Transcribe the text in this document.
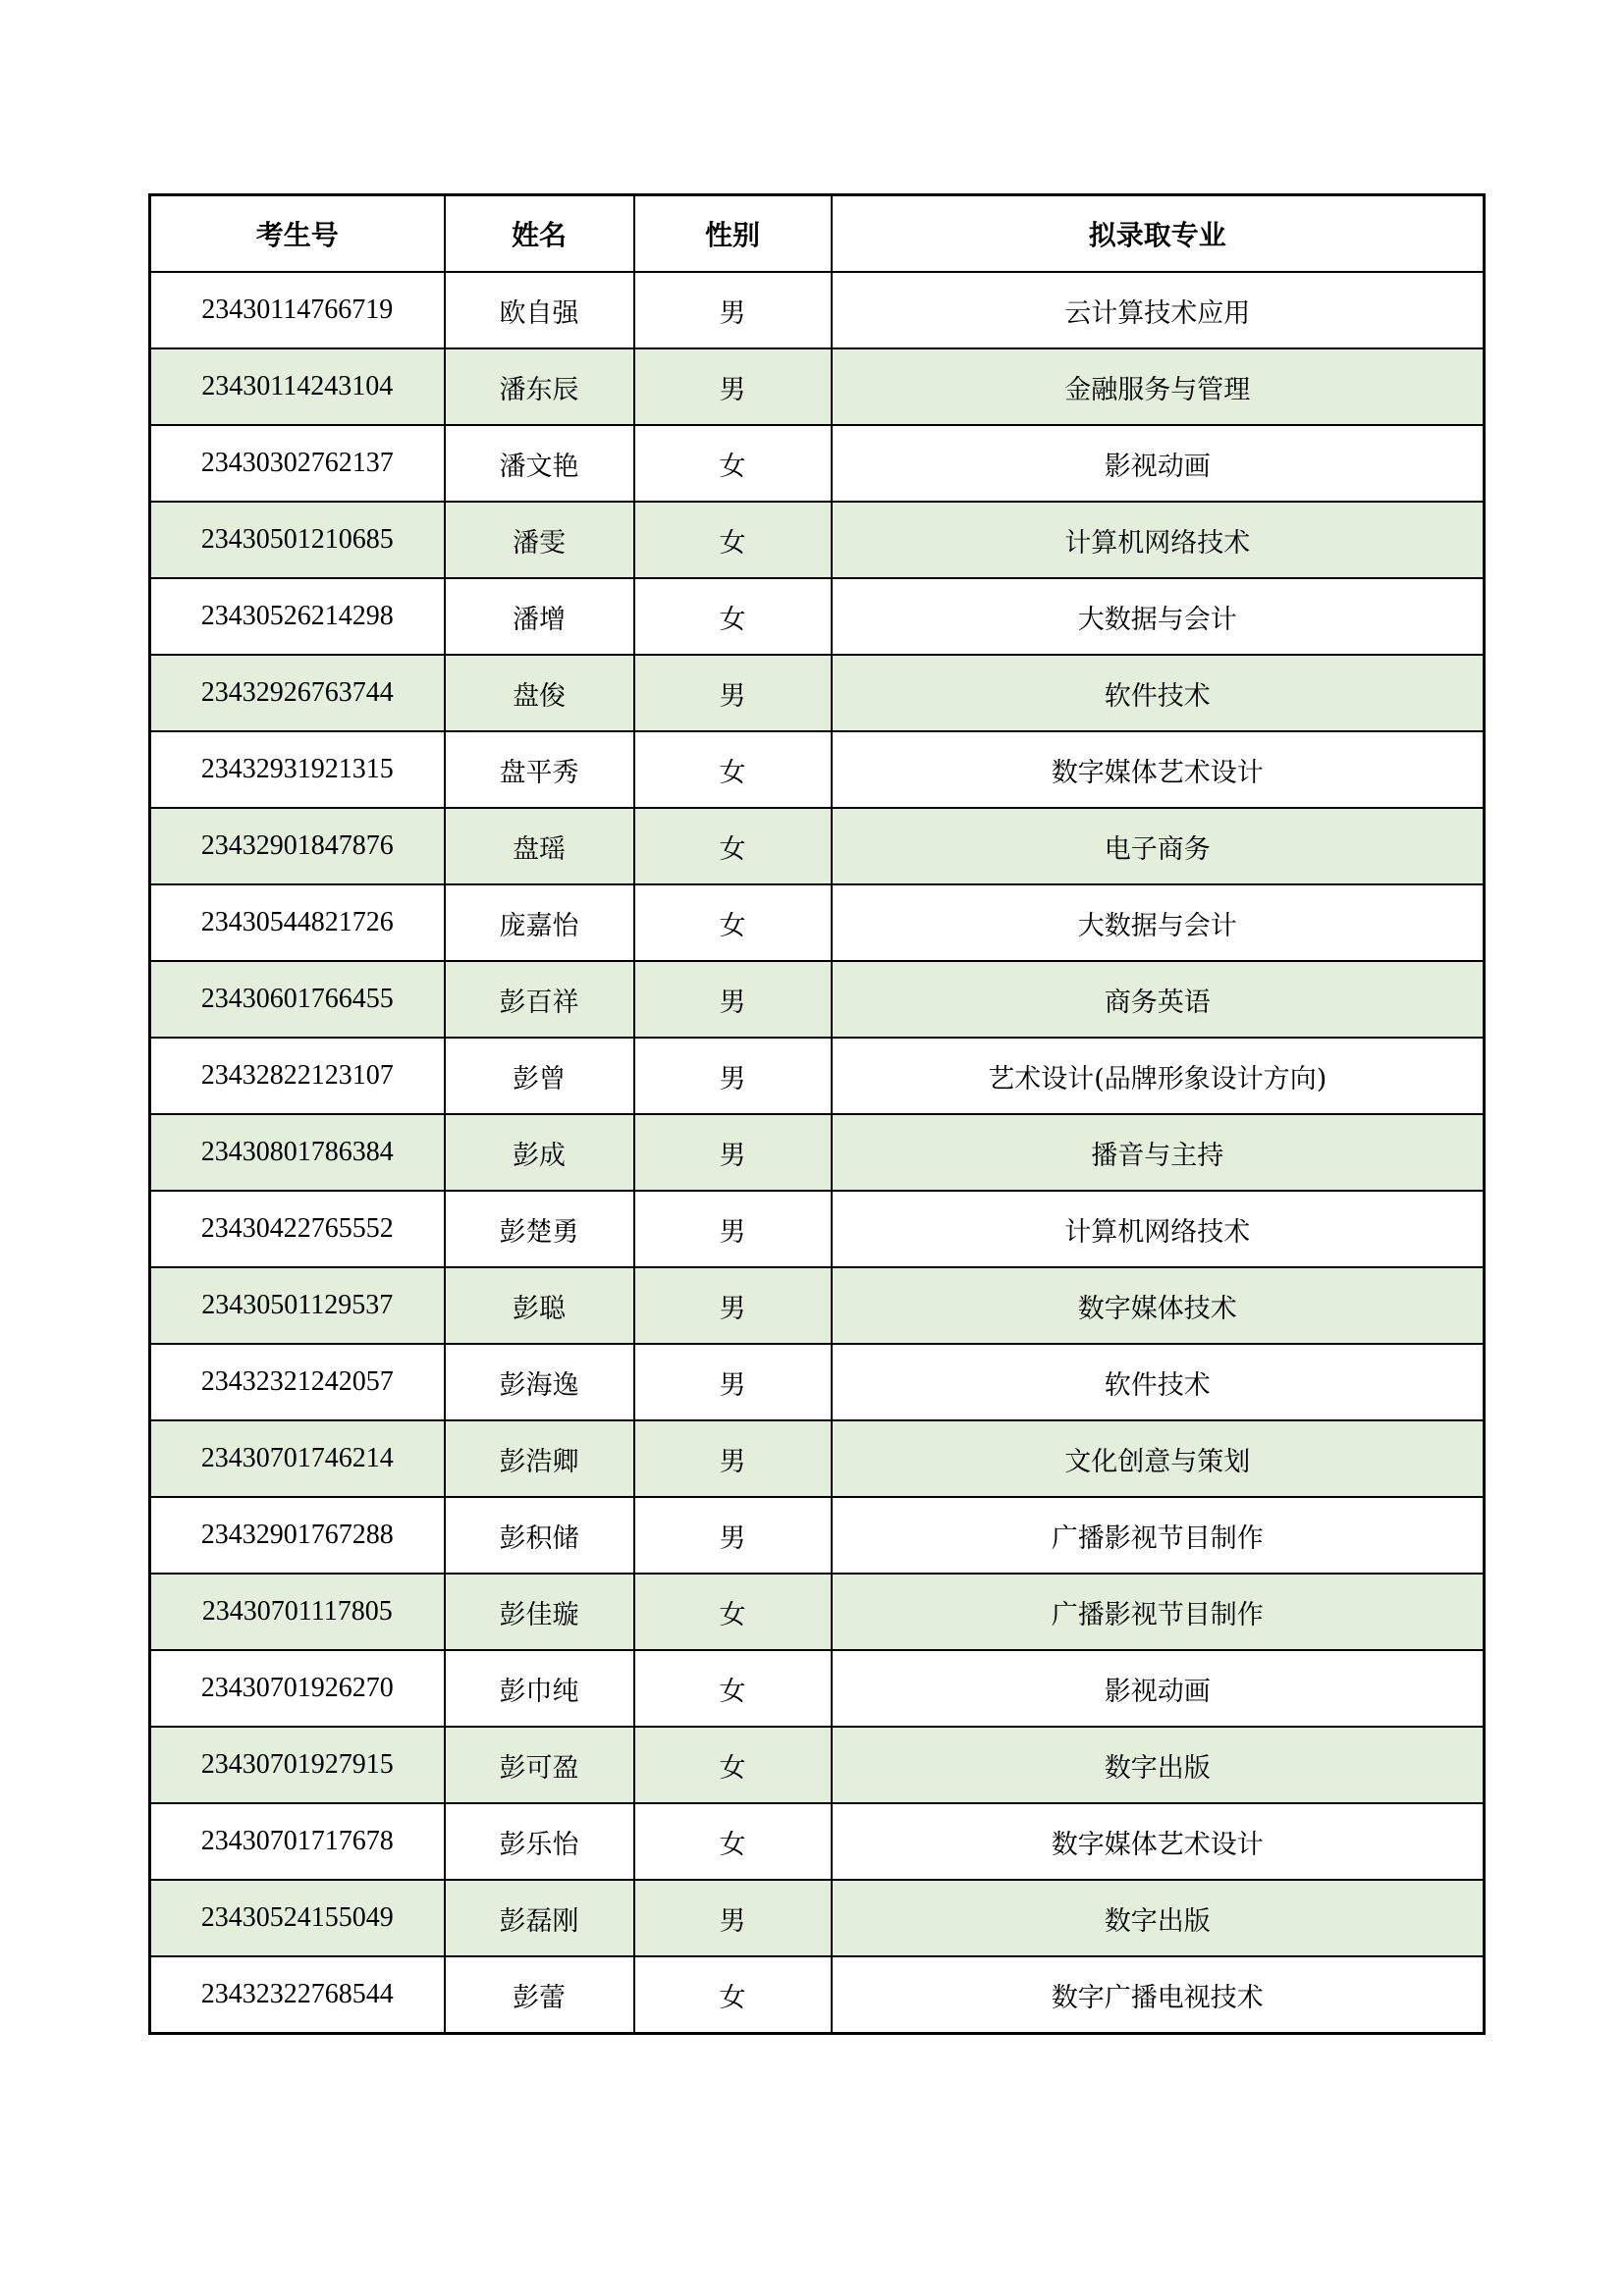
考生号	姓名	性别	拟录取专业
23430114766719	欧自强	男	云计算技术应用
23430114243104	潘东辰	男	金融服务与管理
23430302762137	潘文艳	女	影视动画
23430501210685	潘雯	女	计算机网络技术
23430526214298	潘增	女	大数据与会计
23432926763744	盘俊	男	软件技术
23432931921315	盘平秀	女	数字媒体艺术设计
23432901847876	盘瑶	女	电子商务
23430544821726	庞嘉怡	女	大数据与会计
23430601766455	彭百祥	男	商务英语
23432822123107	彭曾	男	艺术设计(品牌形象设计方向)
23430801786384	彭成	男	播音与主持
23430422765552	彭楚勇	男	计算机网络技术
23430501129537	彭聪	男	数字媒体技术
23432321242057	彭海逸	男	软件技术
23430701746214	彭浩卿	男	文化创意与策划
23432901767288	彭积储	男	广播影视节目制作
23430701117805	彭佳璇	女	广播影视节目制作
23430701926270	彭巾纯	女	影视动画
23430701927915	彭可盈	女	数字出版
23430701717678	彭乐怡	女	数字媒体艺术设计
23430524155049	彭磊刚	男	数字出版
23432322768544	彭蕾	女	数字广播电视技术
